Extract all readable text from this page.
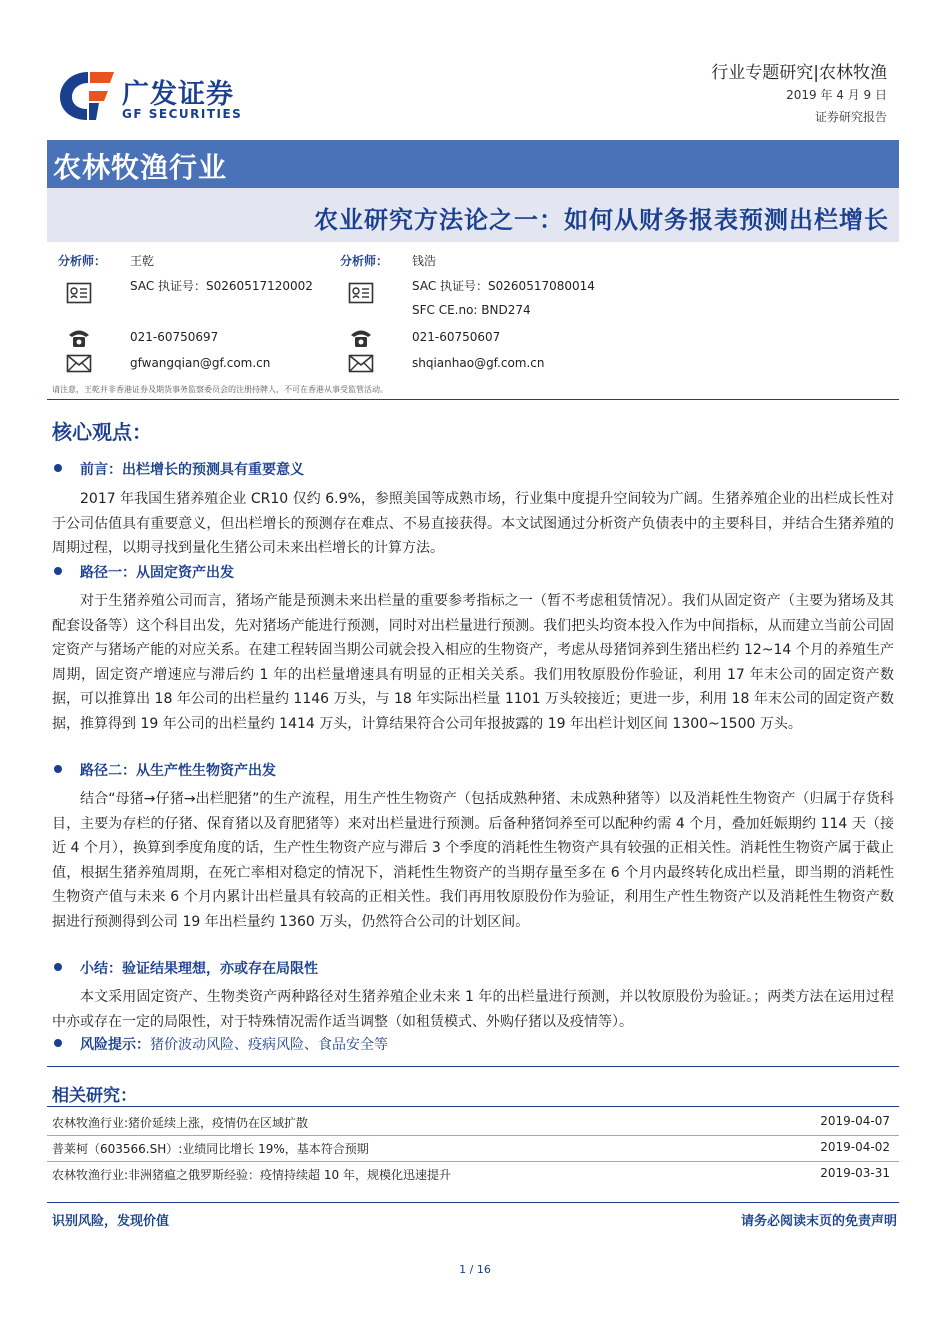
广发证券
GF SECURITIES
行业专题研究|农林牧渔
2019 年 4 月 9 日
证券研究报告
农林牧渔行业
农业研究方法论之一：如何从财务报表预测出栏增长
分析师： 王乾
SAC 执证号：S0260517120002
021-60750697
gfwangqian@gf.com.cn
分析师： 钱浩
SAC 执证号：S0260517080014
SFC CE.no: BND274
021-60750607
shqianhao@gf.com.cn
请注意，王乾并非香港证券及期货事务监察委员会的注册持牌人，不可在香港从事受监管活动。
核心观点：
前言：出栏增长的预测具有重要意义
2017 年我国生猪养殖企业 CR10 仅约 6.9%，参照美国等成熟市场，行业集中度提升空间较为广阔。生猪养殖企业的出栏成长性对于公司估值具有重要意义，但出栏增长的预测存在难点、不易直接获得。本文试图通过分析资产负债表中的主要科目，并结合生猪养殖的周期过程，以期寻找到量化生猪公司未来出栏增长的计算方法。
路径一：从固定资产出发
对于生猪养殖公司而言，猪场产能是预测未来出栏量的重要参考指标之一（暂不考虑租赁情况）。我们从固定资产（主要为猪场及其配套设备等）这个科目出发，先对猪场产能进行预测，同时对出栏量进行预测。我们把头均资本投入作为中间指标，从而建立当前公司固定资产与猪场产能的对应关系。在建工程转固当期公司就会投入相应的生物资产，考虑从母猪饲养到生猪出栏约 12~14 个月的养殖生产周期，固定资产增速应与滞后约 1 年的出栏量增速具有明显的正相关关系。我们用牧原股份作验证，利用 17 年末公司的固定资产数据，可以推算出 18 年公司的出栏量约 1146 万头，与 18 年实际出栏量 1101 万头较接近；更进一步，利用 18 年末公司的固定资产数据，推算得到 19 年公司的出栏量约 1414 万头，计算结果符合公司年报披露的 19 年出栏计划区间 1300~1500 万头。
路径二：从生产性生物资产出发
结合“母猪→仔猪→出栏肥猪”的生产流程，用生产性生物资产（包括成熟种猪、未成熟种猪等）以及消耗性生物资产（归属于存货科目，主要为存栏的仔猪、保育猪以及育肥猪等）来对出栏量进行预测。后备种猪饲养至可以配种约需 4 个月，叠加妊娠期约 114 天（接近 4 个月），换算到季度角度的话，生产性生物资产应与滞后 3 个季度的消耗性生物资产具有较强的正相关性。消耗性生物资产属于截止值，根据生猪养殖周期，在死亡率相对稳定的情况下，消耗性生物资产的当期存量至多在 6 个月内最终转化成出栏量，即当期的消耗性生物资产值与未来 6 个月内累计出栏量具有较高的正相关性。我们再用牧原股份作为验证，利用生产性生物资产以及消耗性生物资产数据进行预测得到公司 19 年出栏量约 1360 万头，仍然符合公司的计划区间。
小结：验证结果理想，亦或存在局限性
本文采用固定资产、生物类资产两种路径对生猪养殖企业未来 1 年的出栏量进行预测，并以牧原股份为验证。；两类方法在运用过程中亦或存在一定的局限性，对于特殊情况需作适当调整（如租赁模式、外购仔猪以及疫情等）。
风险提示：猪价波动风险、疫病风险、食品安全等
相关研究：
农林牧渔行业:猪价延续上涨，疫情仍在区域扩散	2019-04-07
普莱柯（603566.SH）:业绩同比增长 19%，基本符合预期	2019-04-02
农林牧渔行业:非洲猪瘟之俄罗斯经验：疫情持续超 10 年，规模化迅速提升	2019-03-31
识别风险，发现价值	请务必阅读末页的免责声明
1 / 16
